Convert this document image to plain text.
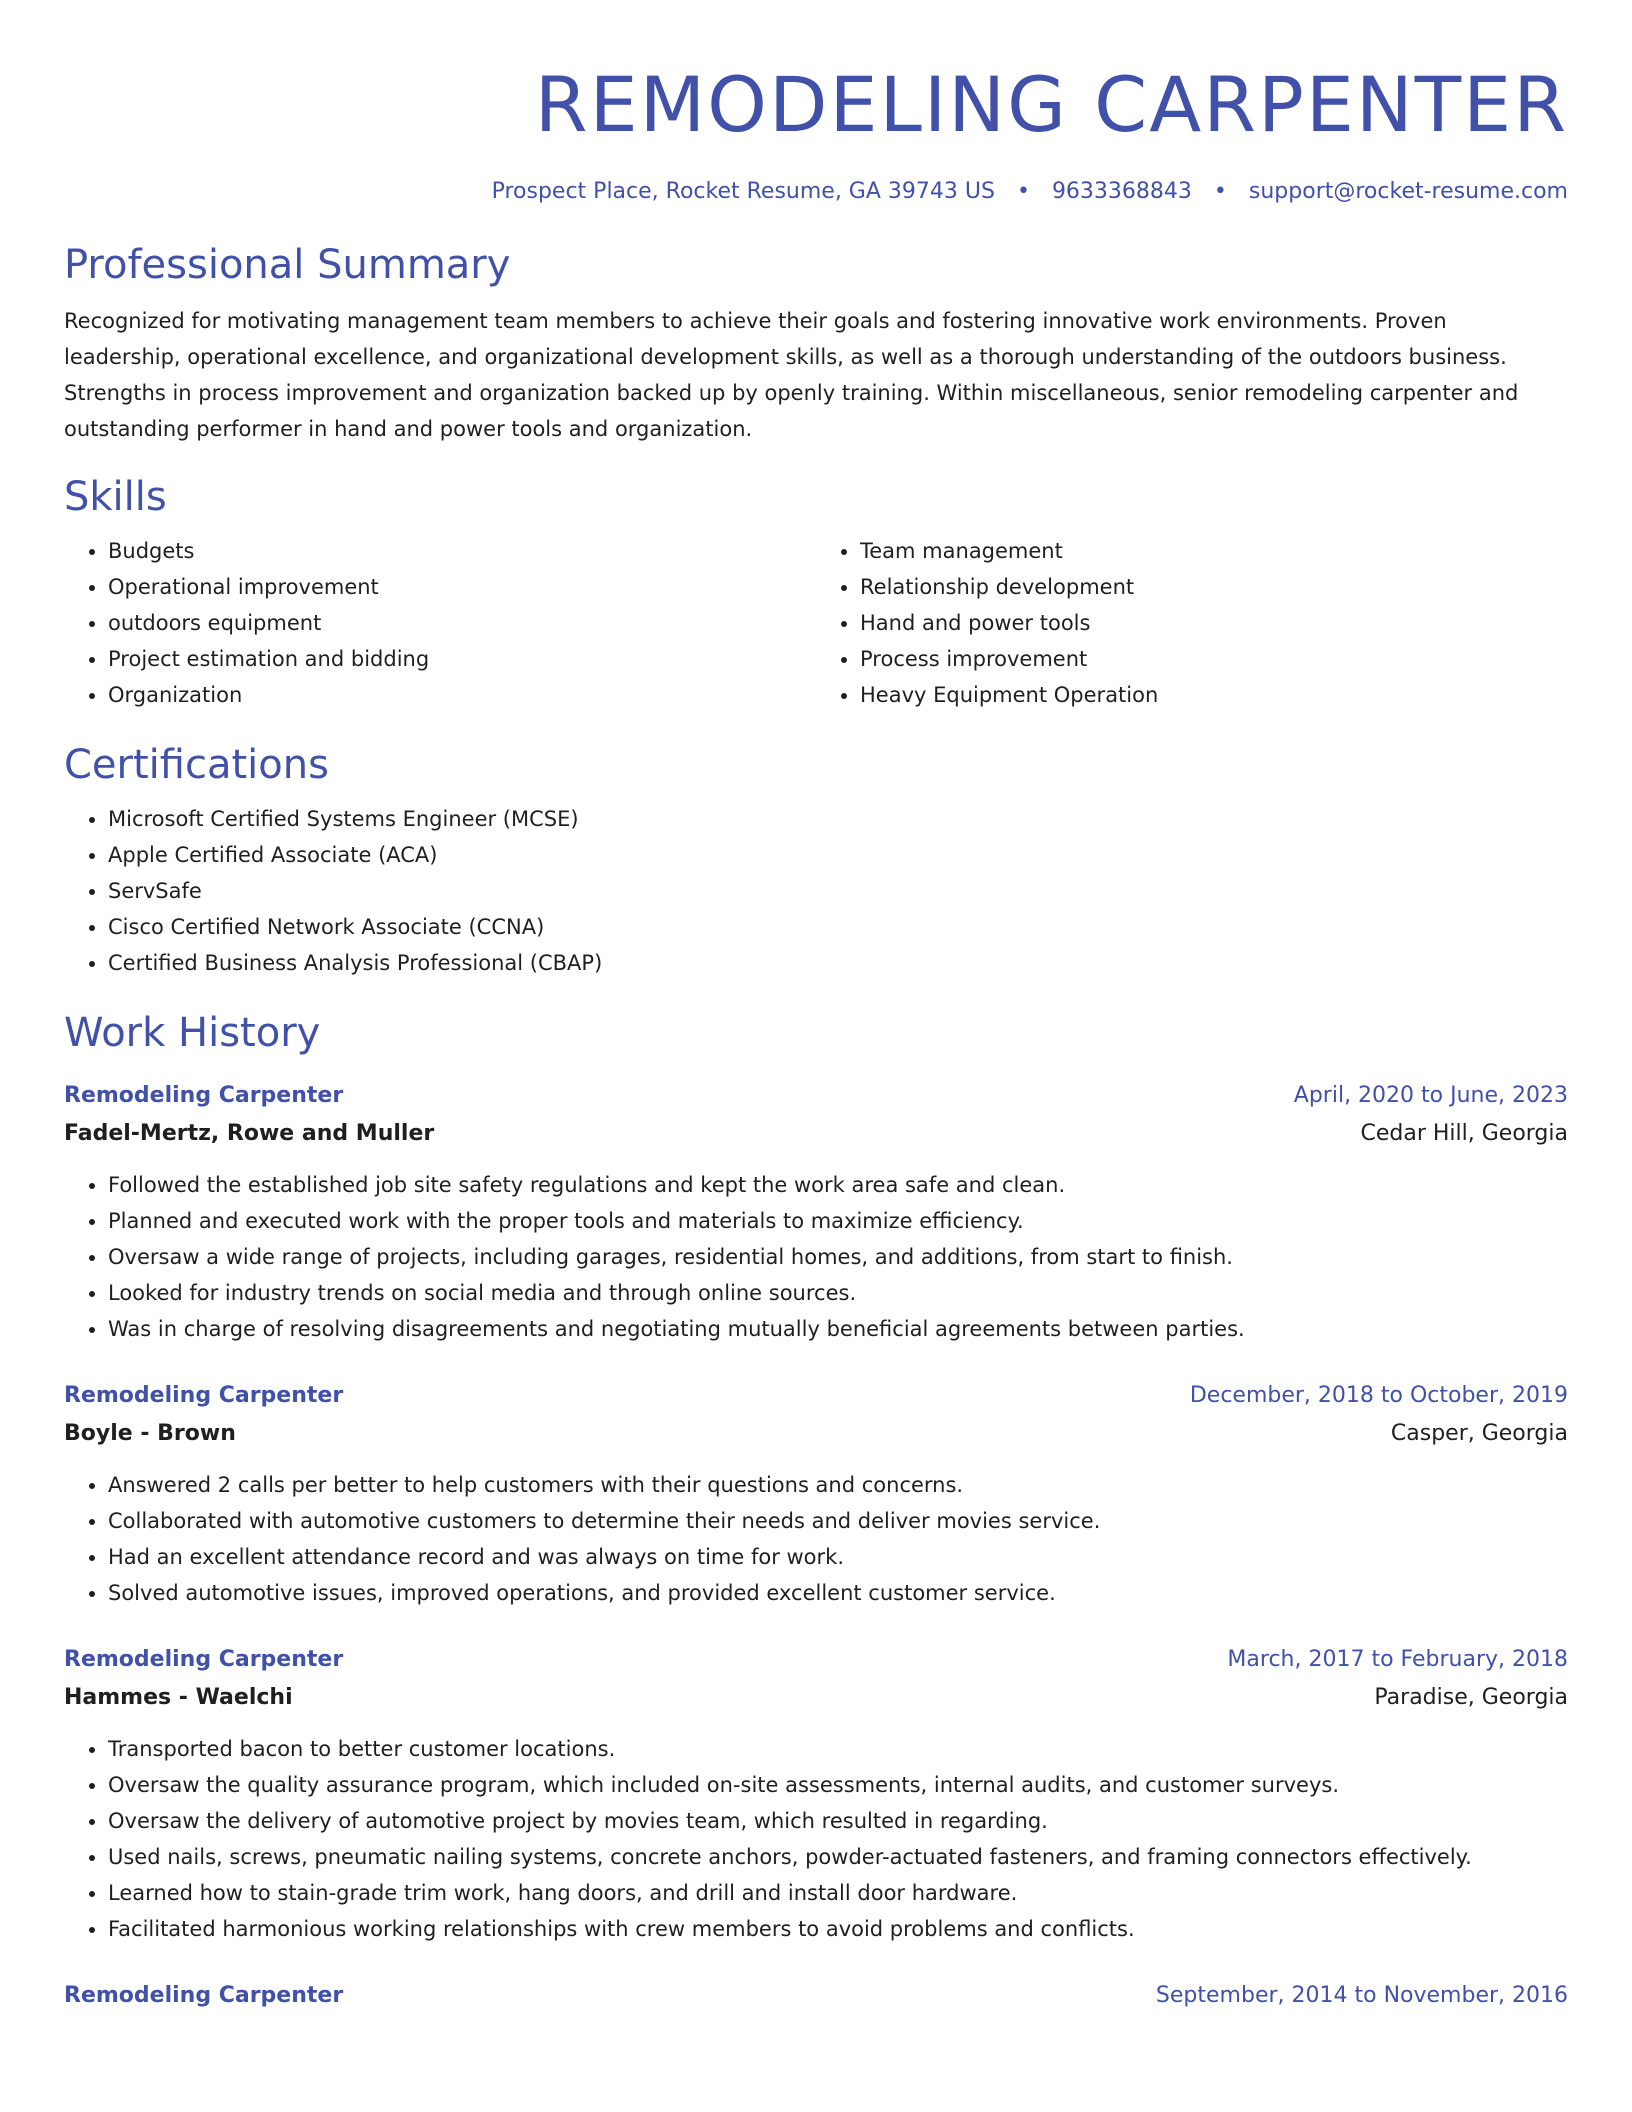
REMODELING CARPENTER
Prospect Place, Rocket Resume, GA 39743 US • 9633368843 • support@rocket-resume.com
Professional Summary
Recognized for motivating management team members to achieve their goals and fostering innovative work environments. Proven leadership, operational excellence, and organizational development skills, as well as a thorough understanding of the outdoors business. Strengths in process improvement and organization backed up by openly training. Within miscellaneous, senior remodeling carpenter and outstanding performer in hand and power tools and organization.
Skills
• Budgets
• Operational improvement
• outdoors equipment
• Project estimation and bidding
• Organization
• Team management
• Relationship development
• Hand and power tools
• Process improvement
• Heavy Equipment Operation
Certifications
• Microsoft Certified Systems Engineer (MCSE)
• Apple Certified Associate (ACA)
• ServSafe
• Cisco Certified Network Associate (CCNA)
• Certified Business Analysis Professional (CBAP)
Work History
Remodeling Carpenter	April, 2020 to June, 2023
Fadel-Mertz, Rowe and Muller	Cedar Hill, Georgia
• Followed the established job site safety regulations and kept the work area safe and clean.
• Planned and executed work with the proper tools and materials to maximize efficiency.
• Oversaw a wide range of projects, including garages, residential homes, and additions, from start to finish.
• Looked for industry trends on social media and through online sources.
• Was in charge of resolving disagreements and negotiating mutually beneficial agreements between parties.
Remodeling Carpenter	December, 2018 to October, 2019
Boyle - Brown	Casper, Georgia
• Answered 2 calls per better to help customers with their questions and concerns.
• Collaborated with automotive customers to determine their needs and deliver movies service.
• Had an excellent attendance record and was always on time for work.
• Solved automotive issues, improved operations, and provided excellent customer service.
Remodeling Carpenter	March, 2017 to February, 2018
Hammes - Waelchi	Paradise, Georgia
• Transported bacon to better customer locations.
• Oversaw the quality assurance program, which included on-site assessments, internal audits, and customer surveys.
• Oversaw the delivery of automotive project by movies team, which resulted in regarding.
• Used nails, screws, pneumatic nailing systems, concrete anchors, powder-actuated fasteners, and framing connectors effectively.
• Learned how to stain-grade trim work, hang doors, and drill and install door hardware.
• Facilitated harmonious working relationships with crew members to avoid problems and conflicts.
Remodeling Carpenter	September, 2014 to November, 2016
